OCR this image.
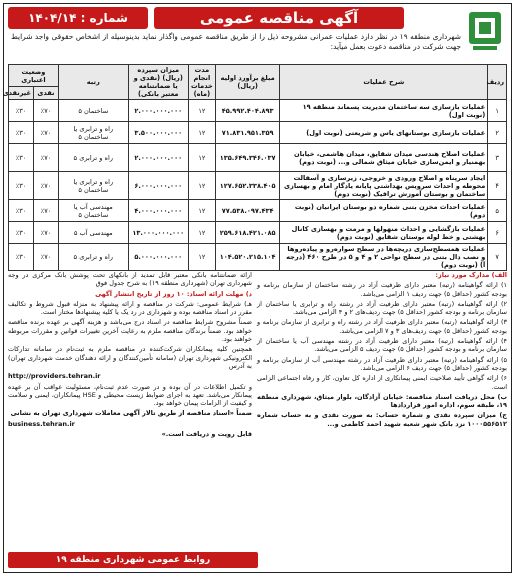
آگهی مناقصه عمومی
شماره : ۱۴۰۴/۱۴
شهرداری منطقه ۱۹ در نظر دارد عملیات عمرانی مشروحه ذیل را از طریق مناقصه عمومی واگذار نماید بدینوسیله از اشخاص حقوقی واجد شرایط جهت شرکت در مناقصه دعوت بعمل میآید:
ردیف	شرح عملیات	مبلغ برآورد اولیه (ریال)	مدت انجام خدمات (ماه)	میزان سپرده (ریال) (نقدی و یا ضمانتنامه معتبر بانکی)	رتبه	وضعیت اعتباری	
						نقدی	غیرنقدی
۱	عملیات بازسازی سه ساختمان مدیریت پسماند منطقه ۱۹ (نوبت اول)	۴۵.۹۹۲.۴۰۴.۸۹۳	۱۲	۲.۰۰۰.۰۰۰.۰۰۰	ساختمان ۵	٪۷۰	٪۳۰
۲	عملیات بازسازی بوستانهای یاس و شریعتی (نوبت اول)	۷۱.۸۳۱.۹۵۱.۳۵۹	۱۲	۳.۵۰۰.۰۰۰.۰۰۰	راه و ترابری یا ساختمان ۵	٪۷۰	٪۳۰
۳	عملیات اصلاح هندسی میدان شقایق، میدان هاشمی، خیابان بهمنیار و ایمن‌سازی خیابان میثاق شمالی و... (نوبت دوم)	۱۳۵.۶۴۹.۳۴۶.۰۳۷	۱۲	۲.۰۰۰.۰۰۰.۰۰۰	راه و ترابری ۵	٪۷۰	٪۳۰
۴	ایجاد سرپناه و اصلاح ورودی و خروجی، زیرسازی و آسفالت محوطه و احداث سرویس بهداشتی پایانه یادگار امام و بهسازی ساختمان و بوستان آموزش ترافیک (نوبت دوم)	۱۲۷.۶۵۲.۳۳۸.۴۰۵	۱۲	۶.۰۰۰.۰۰۰.۰۰۰	راه و ترابری یا ساختمان ۵	٪۷۰	٪۳۰
۵	عملیات احداث مخزن بتنی شماره دو بوستان ایرانیان (نوبت دوم)	۷۷.۵۳۸.۰۹۷.۴۳۴	۱۲	۴.۰۰۰.۰۰۰.۰۰۰	مهندسی آب یا ساختمان ۵	٪۷۰	٪۳۰
۶	عملیات بازگشایی و احداث منهولها و مرمت و بهسازی کانال بهشتی و خط لوله بوستان شقایق (نوبت دوم)	۲۵۹.۶۱۸.۴۲۱.۰۸۵	۱۲	۱۳.۰۰۰.۰۰۰.۰۰۰	مهندسی آب ۵	٪۷۰	٪۳۰
۷	عملیات همسطح‌سازی دریچه‌ها در سطح سواره‌رو و پیاده‌روها و نصب دال بتنی در سطح نواحی ۲ و ۴ و ۵ در طرح ۴۶۰ (درجه آ) (نوبت دوم)	۱۰۴.۵۲۰.۲۱۵.۱۰۴	۱۲	۵.۰۰۰.۰۰۰.۰۰۰	راه و ترابری ۵	٪۷۰	٪۳۰

الف) مدارک مورد نیاز:

۱) ارائه گواهینامه (رتبه) معتبر دارای ظرفیت آزاد در رشته ساختمان از سازمان برنامه و بودجه کشور (حداقل ۵) جهت ردیف ۱ الزامی می‌باشد.

۲) ارائه گواهینامه (رتبه) معتبر دارای ظرفیت آزاد در رشته راه و ترابری یا ساختمان از سازمان برنامه و بودجه کشور (حداقل ۵) جهت ردیف‌های ۲ و ۴ الزامی می‌باشد.

۳) ارائه گواهینامه (رتبه) معتبر دارای ظرفیت آزاد در رشته راه و ترابری از سازمان برنامه و بودجه کشور (حداقل ۵) جهت ردیف‌های ۳ و ۷ الزامی می‌باشد.

۴) ارائه گواهینامه (رتبه) معتبر دارای ظرفیت آزاد در رشته مهندسی آب یا ساختمان از سازمان برنامه و بودجه کشور (حداقل ۵) جهت ردیف ۵ الزامی می‌باشد.

۵) ارائه گواهینامه (رتبه) معتبر دارای ظرفیت آزاد در رشته مهندسی آب از سازمان برنامه و بودجه کشور (حداقل ۵) جهت ردیف ۶ الزامی می‌باشد.

۶) ارائه گواهی تأیید صلاحیت ایمنی پیمانکاری از اداره کل تعاون، کار و رفاه اجتماعی الزامی است.

ب) محل دریافت اسناد مناقصه: خیابان آزادگان، بلوار میثاق، شهرداری منطقه ۱۹، طبقه سوم، اداره امور قراردادها

ج) میزان سپرده نقدی و شماره حساب: به صورت نقدی و به حساب شماره ۱۰۰۰۵۵۶۵۱۲ نزد بانک شهر شعبه شهید احمد کاظمی و...

ارائه ضمانتنامه بانکی معتبر قابل تمدید از بانکهای تحت پوشش بانک مرکزی در وجه شهرداری تهران (شهرداری منطقه ۱۹) به شرح جدول فوق

د) مهلت ارائه اسناد: ۱۰ روز از تاریخ انتشار آگهی

هـ) شرایط عمومی: شرکت در مناقصه و ارائه پیشنهاد به منزله قبول شروط و تکالیف مقرر در اسناد مناقصه بوده و شهرداری در رد یک یا کلیه پیشنهادها مختار است.

ضمناً مشروح شرایط مناقصه در اسناد درج می‌باشد و هزینه آگهی بر عهده برنده مناقصه خواهد بود. ضمناً برندگان مناقصه ملزم به رعایت آخرین تغییرات قوانین و مقررات مربوطه خواهند بود.

همچنین کلیه پیمانکاران شرکت‌کننده در مناقصه ملزم به ثبت‌نام در سامانه تدارکات الکترونیکی شهرداری تهران (سامانه تأمین‌کنندگان و ارائه دهندگان خدمت شهرداری تهران) به آدرس

http://providers.tehran.ir

و تکمیل اطلاعات در آن بوده و در صورت عدم ثبت‌نام، مسئولیت عواقب آن بر عهده پیمانکار می‌باشد. تعهد به اجرای ضوابط زیست محیطی و HSE پیمانکاران، ایمنی و سلامت و کیفیت از الزامات پیمان خواهد بود.

ضمناً «اسناد مناقصه از طریق تالار آگهی معاملات شهرداری تهران به نشانی

business.tehran.ir

قابل رویت و دریافت است.»

روابط عمومی شهرداری منطقه ۱۹
